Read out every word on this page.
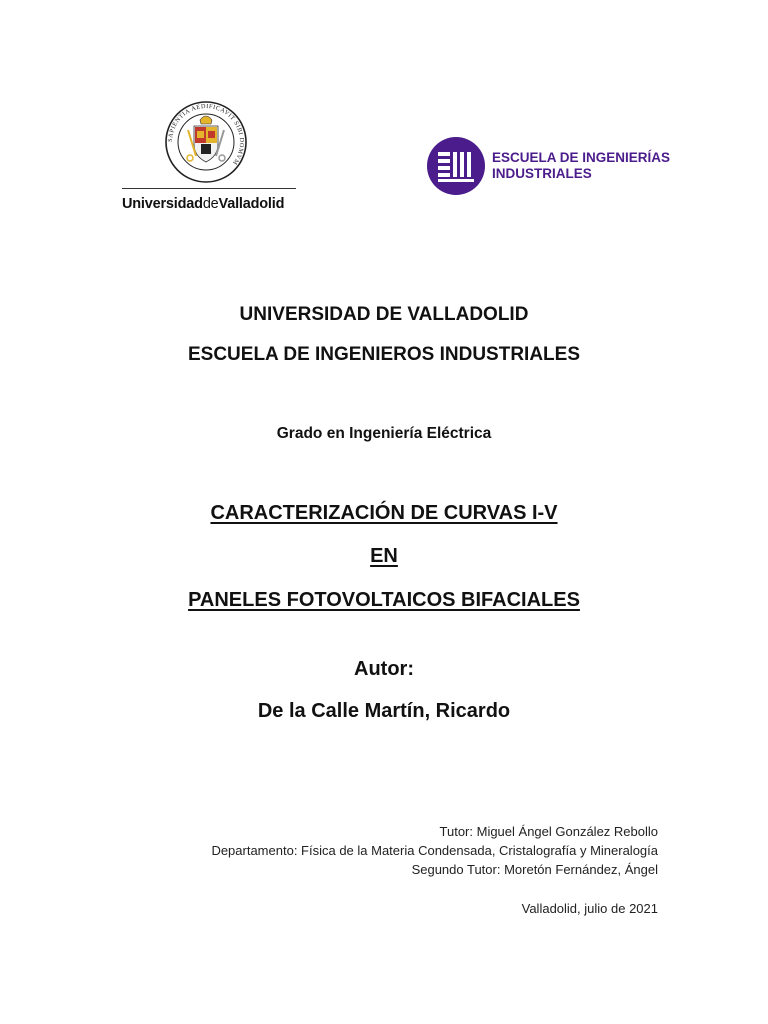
SAPIENTIA AEDIFICAVIT SIBI DOMVM
UniversidaddeValladolid
ESCUELA DE INGENIERÍAS
INDUSTRIALES
UNIVERSIDAD DE VALLADOLID
ESCUELA DE INGENIEROS INDUSTRIALES
Grado en Ingeniería Eléctrica
CARACTERIZACIÓN DE CURVAS I-V
EN
PANELES FOTOVOLTAICOS BIFACIALES
Autor:
De la Calle Martín, Ricardo
Tutor: Miguel Ángel González Rebollo
Departamento: Física de la Materia Condensada, Cristalografía y Mineralogía
Segundo Tutor: Moretón Fernández, Ángel
Valladolid, julio de 2021
